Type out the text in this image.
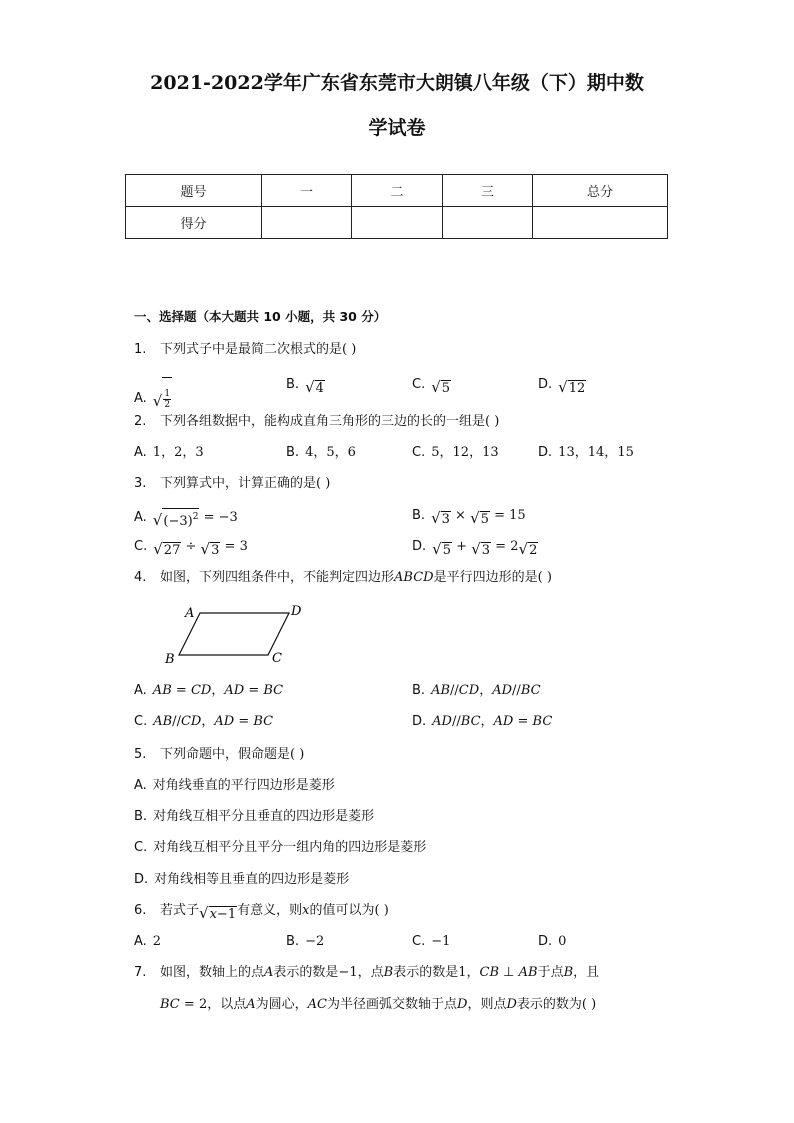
2021-2022学年广东省东莞市大朗镇八年级（下）期中数
学试卷
题号	一	二	三	总分
得分				
一、选择题（本大题共 10 小题，共 30 分）
1. 下列式子中是最简二次根式的是( )
A. √ $\frac{1}{2}$
B. √ 4	C. √ 5	D. √ 12
2. 下列各组数据中，能构成直角三角形的三边的长的一组是( )
A. 1，2，3	B. 4，5，6	C. 5，12，13	D. 13，14，15
3. 下列算式中，计算正确的是( )
A. √ $(-3)^2 = -3$	B. √ 3 × √ 5 = 15
C. √ 27 ÷ √ 3 = 3	D. √ 5 + √ 3 = 2 √ 2
4. 如图，下列四组条件中，不能判定四边形ABCD是平行四边形的是( )
A	D
B	C
A. AB = CD，AD = BC	B. AB//CD，AD//BC
C. AB//CD，AD = BC	D. AD//BC，AD = BC
5. 下列命题中，假命题是( )
A. 对角线垂直的平行四边形是菱形
B. 对角线互相平分且垂直的四边形是菱形
C. 对角线互相平分且平分一组内角的四边形是菱形
D. 对角线相等且垂直的四边形是菱形
6. 若式子 √ x−1 有意义，则x的值可以为( )
A. 2	B. −2	C. −1	D. 0
7. 如图，数轴上的点A表示的数是−1，点B表示的数是1，CB ⊥ AB于点B，且
BC = 2，以点A为圆心，AC为半径画弧交数轴于点D，则点D表示的数为( )
